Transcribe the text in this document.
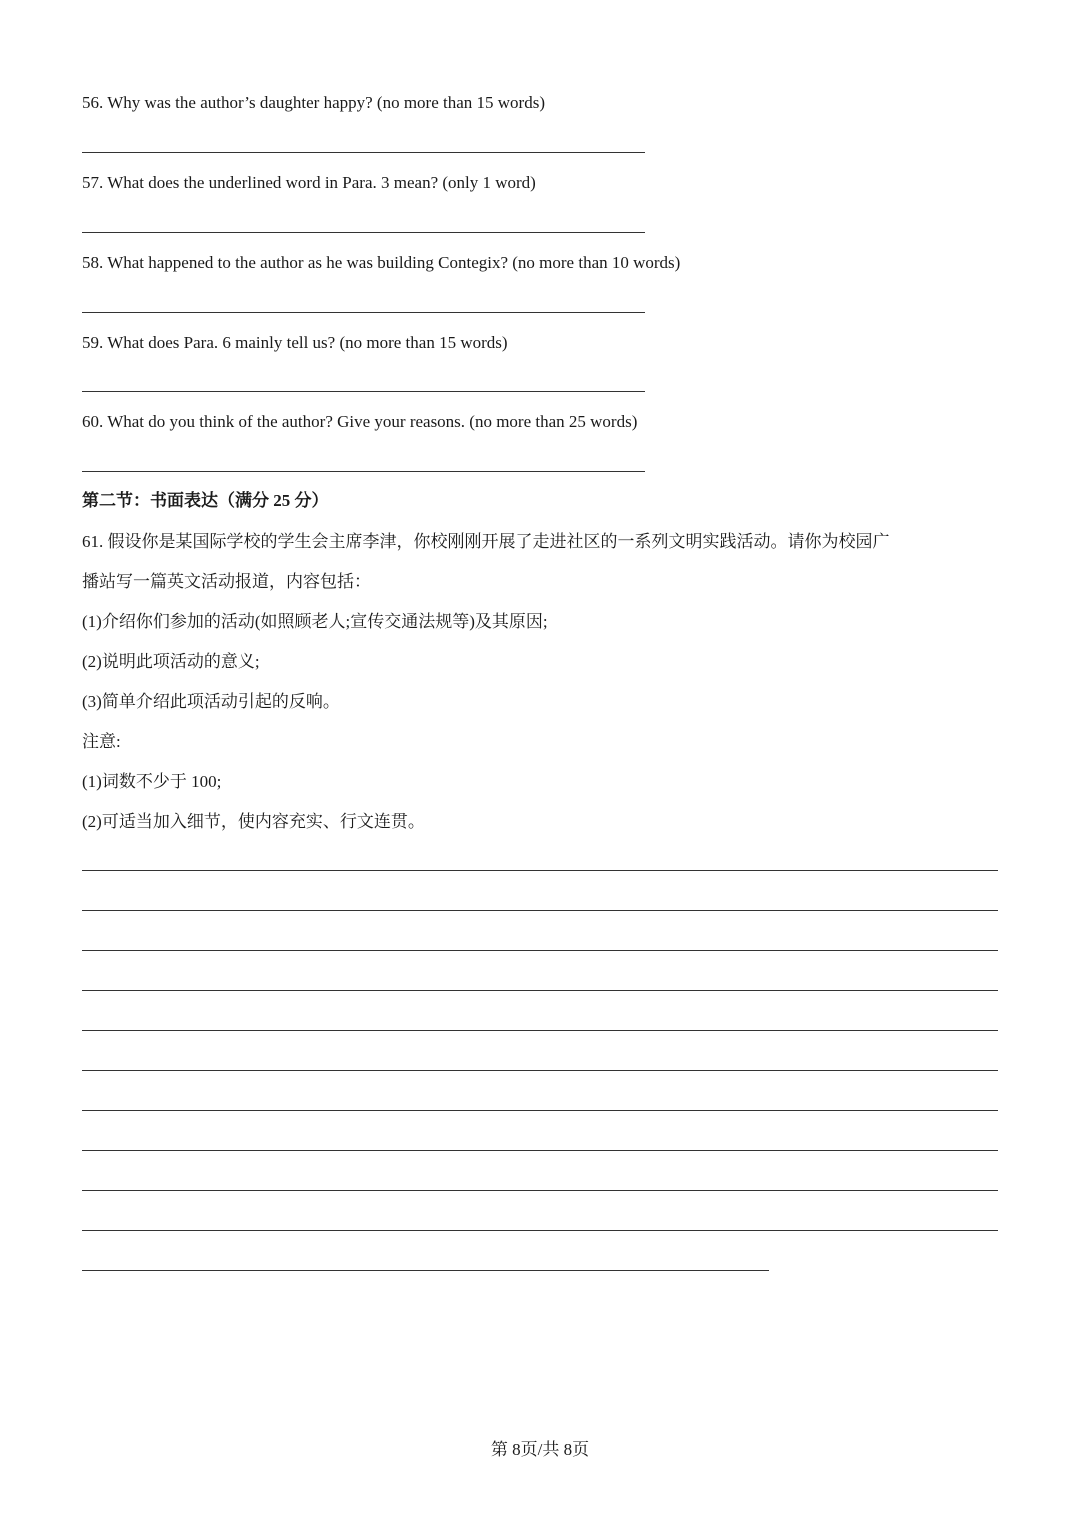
56. Why was the author’s daughter happy? (no more than 15 words)
57. What does the underlined word in Para. 3 mean? (only 1 word)
58. What happened to the author as he was building Contegix? (no more than 10 words)
59. What does Para. 6 mainly tell us? (no more than 15 words)
60. What do you think of the author? Give your reasons. (no more than 25 words)
第二节：书面表达（满分 25 分）
61. 假设你是某国际学校的学生会主席李津，你校刚刚开展了走进社区的一系列文明实践活动。请你为校园广
播站写一篇英文活动报道，内容包括：
(1)介绍你们参加的活动(如照顾老人;宣传交通法规等)及其原因;
(2)说明此项活动的意义;
(3)简单介绍此项活动引起的反响。
注意:
(1)词数不少于 100;
(2)可适当加入细节，使内容充实、行文连贯。
第 8页/共 8页
